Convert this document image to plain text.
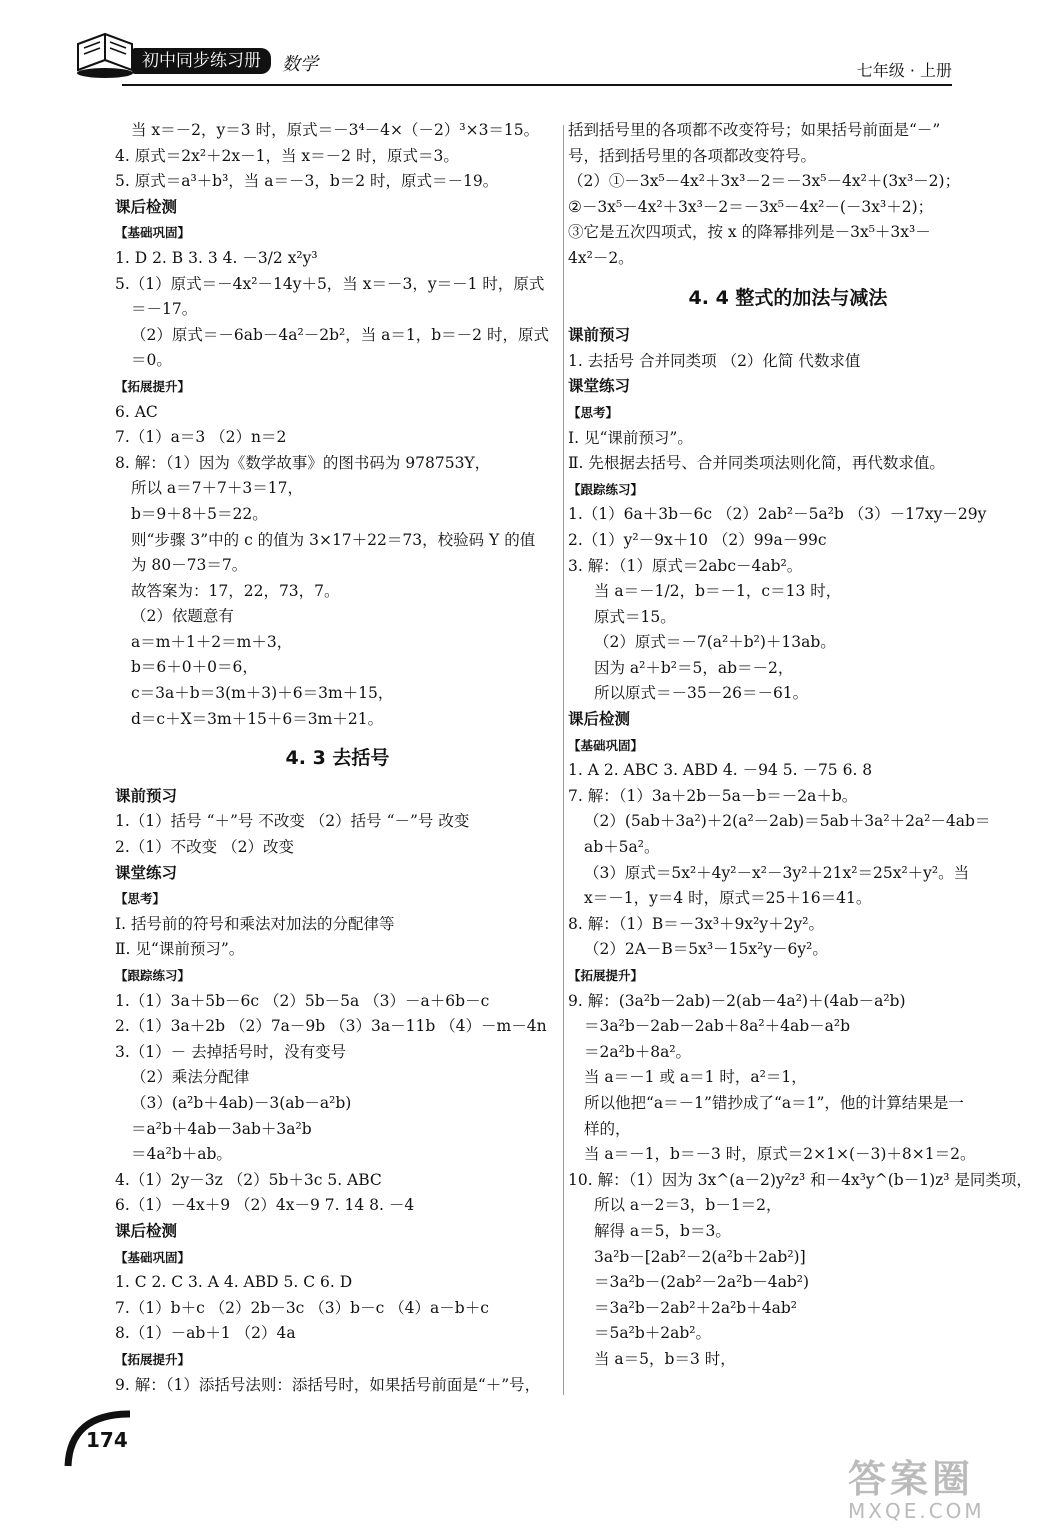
初中同步练习册	数学	七年级 · 上册
当 x＝－2，y＝3 时，原式＝－3⁴－4×（－2）³×3＝15。
4. 原式＝2x²＋2x－1，当 x＝－2 时，原式＝3。
5. 原式＝a³＋b³，当 a＝－3，b＝2 时，原式＝－19。
课后检测
【基础巩固】
1. D 2. B 3. 3 4. －3/2 x²y³
5.（1）原式＝－4x²－14y＋5，当 x＝－3，y＝－1 时，原式
＝－17。
（2）原式＝－6ab－4a²－2b²，当 a＝1，b＝－2 时，原式
＝0。
【拓展提升】
6. AC
7.（1）a＝3 （2）n＝2
8. 解：（1）因为《数学故事》的图书码为 978753Y，
所以 a＝7＋7＋3＝17，
b＝9＋8＋5＝22。
则“步骤 3”中的 c 的值为 3×17＋22＝73，校验码 Y 的值
为 80－73＝7。
故答案为：17，22，73，7。
（2）依题意有
a＝m＋1＋2＝m＋3，
b＝6＋0＋0＝6，
c＝3a＋b＝3(m＋3)＋6＝3m＋15，
d＝c＋X＝3m＋15＋6＝3m＋21。
4. 3 去括号
课前预习
1.（1）括号 “＋”号 不改变 （2）括号 “－”号 改变
2.（1）不改变 （2）改变
课堂练习
【思考】
Ⅰ. 括号前的符号和乘法对加法的分配律等
Ⅱ. 见“课前预习”。
【跟踪练习】
1.（1）3a＋5b－6c （2）5b－5a （3）－a＋6b－c
2.（1）3a＋2b （2）7a－9b （3）3a－11b （4）－m－4n
3.（1）－ 去掉括号时，没有变号
（2）乘法分配律
（3）(a²b＋4ab)－3(ab－a²b)
＝a²b＋4ab－3ab＋3a²b
＝4a²b＋ab。
4.（1）2y－3z （2）5b＋3c 5. ABC
6.（1）－4x＋9 （2）4x－9 7. 14 8. －4
课后检测
【基础巩固】
1. C 2. C 3. A 4. ABD 5. C 6. D
7.（1）b＋c （2）2b－3c （3）b－c （4）a－b＋c
8.（1）－ab＋1 （2）4a
【拓展提升】
9. 解：（1）添括号法则：添括号时，如果括号前面是“＋”号，
括到括号里的各项都不改变符号；如果括号前面是“－”
号，括到括号里的各项都改变符号。
（2）①－3x⁵－4x²＋3x³－2＝－3x⁵－4x²＋(3x³－2)；
②－3x⁵－4x²＋3x³－2＝－3x⁵－4x²－(－3x³＋2)；
③它是五次四项式，按 x 的降幂排列是－3x⁵＋3x³－
4x²－2。
4. 4 整式的加法与减法
课前预习
1. 去括号 合并同类项 （2）化简 代数求值
课堂练习
【思考】
Ⅰ. 见“课前预习”。
Ⅱ. 先根据去括号、合并同类项法则化简，再代数求值。
【跟踪练习】
1.（1）6a＋3b－6c （2）2ab²－5a²b （3）－17xy－29y
2.（1）y²－9x＋10 （2）99a－99c
3. 解：（1）原式＝2abc－4ab²。
当 a＝－1/2，b＝－1，c＝13 时，
原式＝15。
（2）原式＝－7(a²＋b²)＋13ab。
因为 a²＋b²＝5，ab＝－2，
所以原式＝－35－26＝－61。
课后检测
【基础巩固】
1. A 2. ABC 3. ABD 4. －94 5. －75 6. 8
7. 解：（1）3a＋2b－5a－b＝－2a＋b。
（2）(5ab＋3a²)＋2(a²－2ab)＝5ab＋3a²＋2a²－4ab＝
ab＋5a²。
（3）原式＝5x²＋4y²－x²－3y²＋21x²＝25x²＋y²。当
x＝－1，y＝4 时，原式＝25＋16＝41。
8. 解：（1）B＝－3x³＋9x²y＋2y²。
（2）2A－B＝5x³－15x²y－6y²。
【拓展提升】
9. 解：(3a²b－2ab)－2(ab－4a²)＋(4ab－a²b)
＝3a²b－2ab－2ab＋8a²＋4ab－a²b
＝2a²b＋8a²。
当 a＝－1 或 a＝1 时，a²＝1，
所以他把“a＝－1”错抄成了“a＝1”，他的计算结果是一
样的，
当 a＝－1，b＝－3 时，原式＝2×1×(－3)＋8×1＝2。
10. 解：（1）因为 3x^(a－2)y²z³ 和－4x³y^(b－1)z³ 是同类项，
所以 a－2＝3，b－1＝2，
解得 a＝5，b＝3。
3a²b－[2ab²－2(a²b＋2ab²)]
＝3a²b－(2ab²－2a²b－4ab²)
＝3a²b－2ab²＋2a²b＋4ab²
＝5a²b＋2ab²。
当 a＝5，b＝3 时，
174
答案圈
MXQE.COM
